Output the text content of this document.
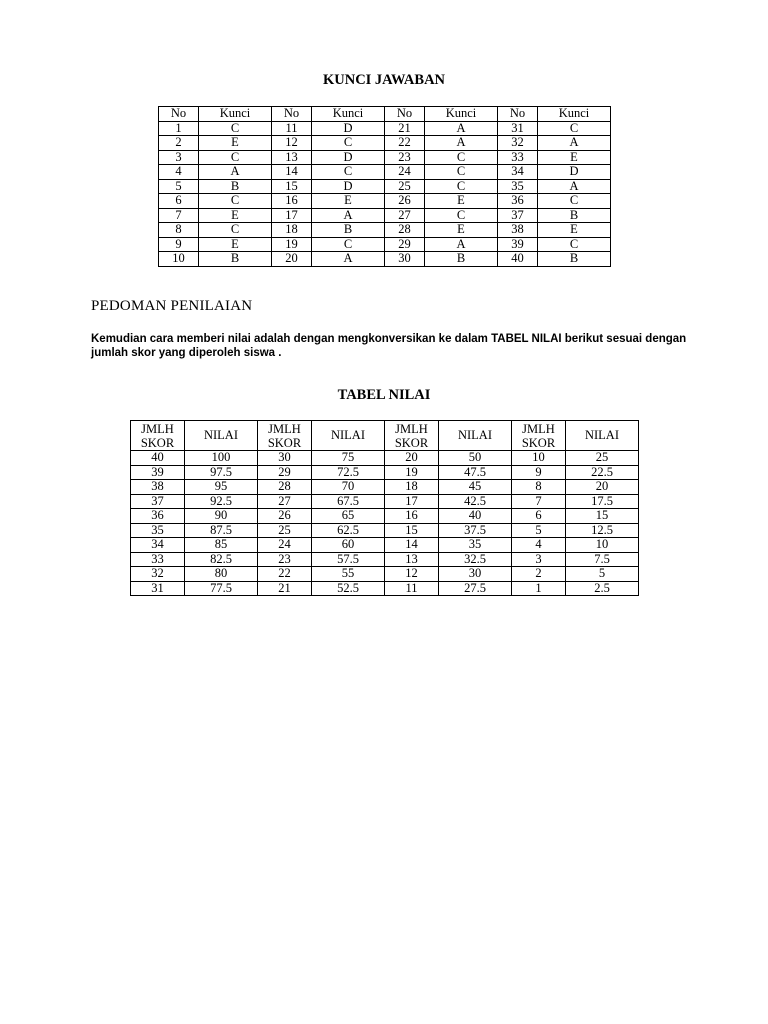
KUNCI JAWABAN
No	Kunci	No	Kunci	No	Kunci	No	Kunci
1	C	11	D	21	A	31	C
2	E	12	C	22	A	32	A
3	C	13	D	23	C	33	E
4	A	14	C	24	C	34	D
5	B	15	D	25	C	35	A
6	C	16	E	26	E	36	C
7	E	17	A	27	C	37	B
8	C	18	B	28	E	38	E
9	E	19	C	29	A	39	C
10	B	20	A	30	B	40	B
PEDOMAN PENILAIAN

Kemudian cara memberi nilai adalah dengan mengkonversikan ke dalam TABEL NILAI berikut sesuai dengan jumlah skor yang diperoleh siswa .

TABEL NILAI
JMLH SKOR	NILAI	JMLH SKOR	NILAI	JMLH SKOR	NILAI	JMLH SKOR	NILAI
40	100	30	75	20	50	10	25
39	97.5	29	72.5	19	47.5	9	22.5
38	95	28	70	18	45	8	20
37	92.5	27	67.5	17	42.5	7	17.5
36	90	26	65	16	40	6	15
35	87.5	25	62.5	15	37.5	5	12.5
34	85	24	60	14	35	4	10
33	82.5	23	57.5	13	32.5	3	7.5
32	80	22	55	12	30	2	5
31	77.5	21	52.5	11	27.5	1	2.5
